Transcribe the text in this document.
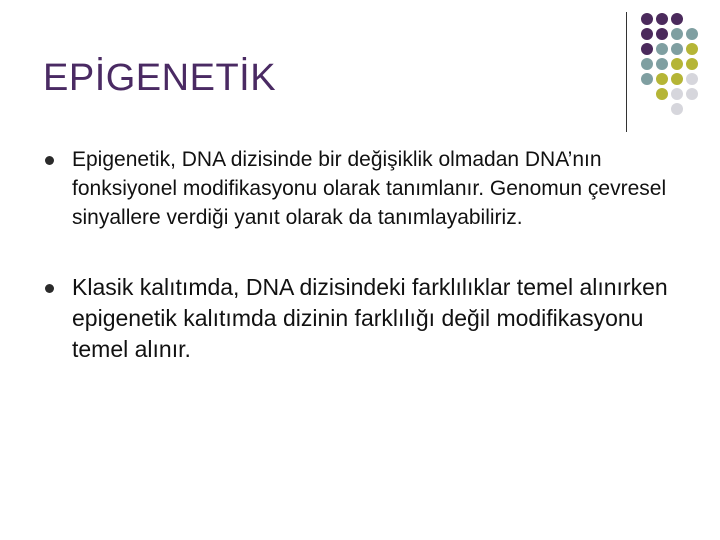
EPİGENETİK
Epigenetik, DNA dizisinde bir değişiklik olmadan DNA’nın fonksiyonel modifikasyonu olarak tanımlanır. Genomun çevresel sinyallere verdiği yanıt olarak da tanımlayabiliriz.
Klasik kalıtımda, DNA dizisindeki farklılıklar temel alınırken epigenetik kalıtımda dizinin farklılığı değil modifikasyonu temel alınır.
